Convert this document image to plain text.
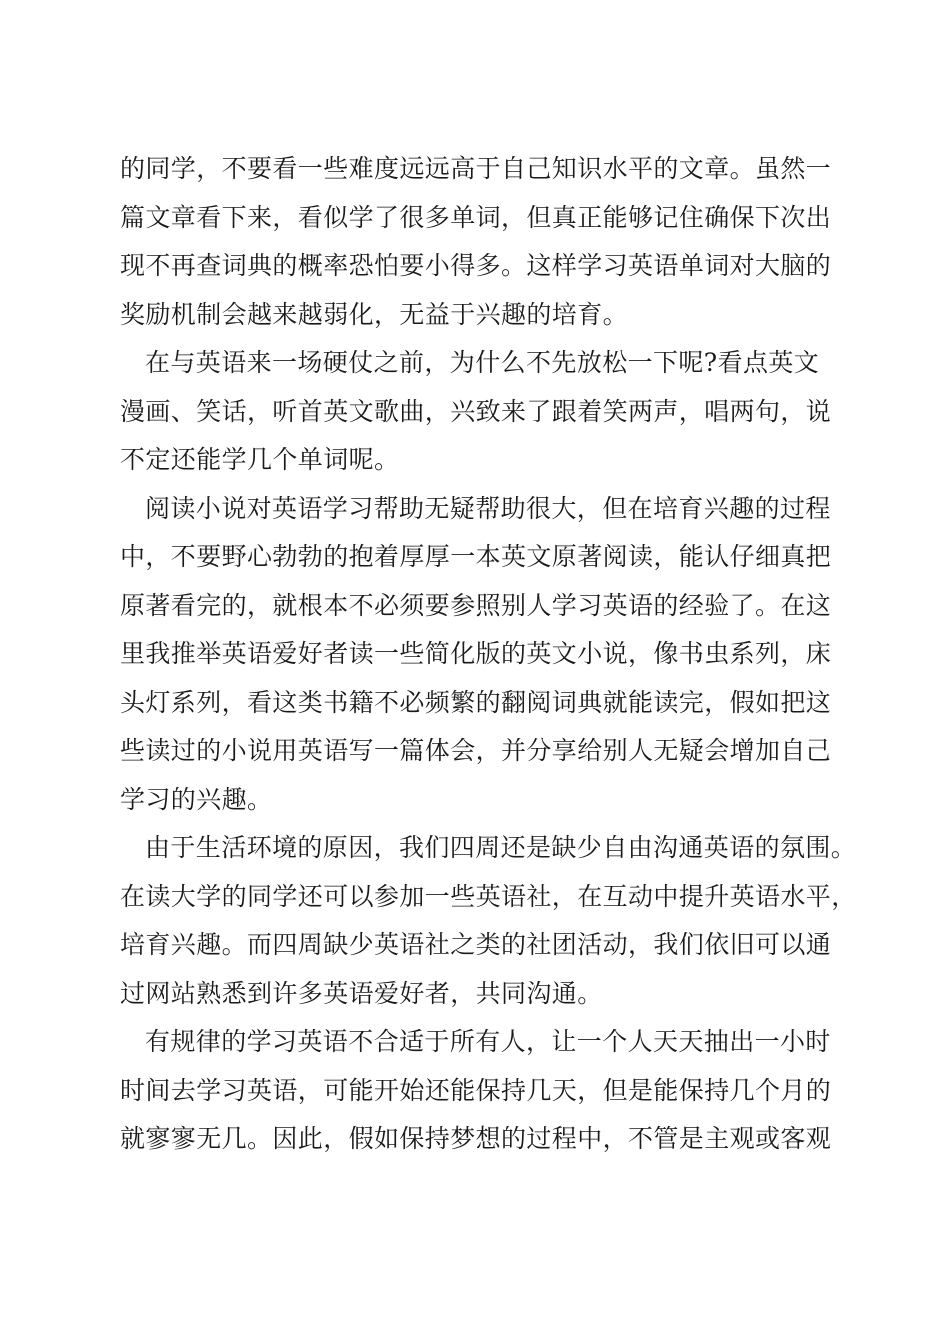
的同学，不要看一些难度远远高于自己知识水平的文章。虽然一
篇文章看下来，看似学了很多单词，但真正能够记住确保下次出
现不再查词典的概率恐怕要小得多。这样学习英语单词对大脑的
奖励机制会越来越弱化，无益于兴趣的培育。
在与英语来一场硬仗之前，为什么不先放松一下呢?看点英文
漫画、笑话，听首英文歌曲，兴致来了跟着笑两声，唱两句，说
不定还能学几个单词呢。
阅读小说对英语学习帮助无疑帮助很大，但在培育兴趣的过程
中，不要野心勃勃的抱着厚厚一本英文原著阅读，能认仔细真把
原著看完的，就根本不必须要参照别人学习英语的经验了。在这
里我推举英语爱好者读一些简化版的英文小说，像书虫系列，床
头灯系列，看这类书籍不必频繁的翻阅词典就能读完，假如把这
些读过的小说用英语写一篇体会，并分享给别人无疑会增加自己
学习的兴趣。
由于生活环境的原因，我们四周还是缺少自由沟通英语的氛围。
在读大学的同学还可以参加一些英语社，在互动中提升英语水平，
培育兴趣。而四周缺少英语社之类的社团活动，我们依旧可以通
过网站熟悉到许多英语爱好者，共同沟通。
有规律的学习英语不合适于所有人，让一个人天天抽出一小时
时间去学习英语，可能开始还能保持几天，但是能保持几个月的
就寥寥无几。因此，假如保持梦想的过程中，不管是主观或客观
